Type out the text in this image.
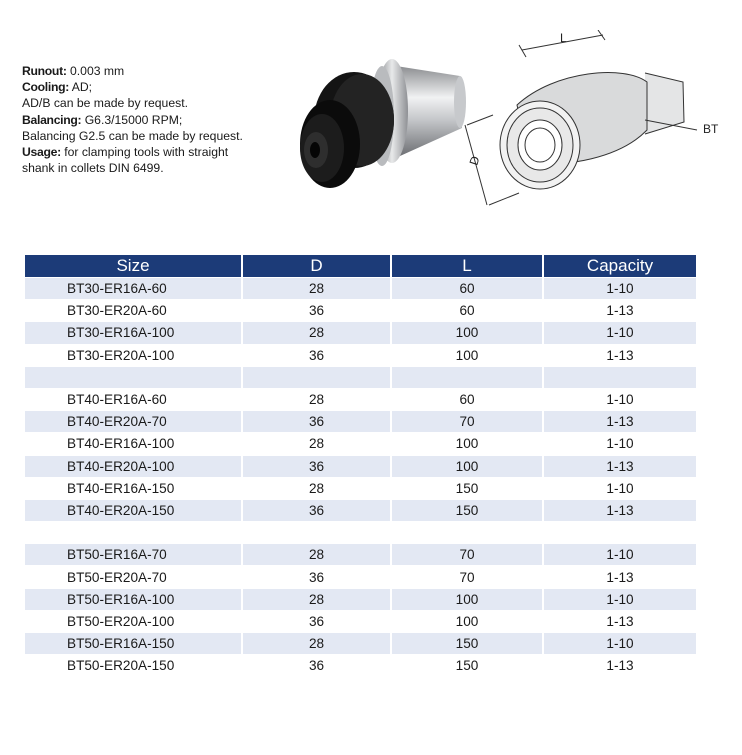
Runout: 0.003 mm
Cooling: AD;
AD/B can be made by request.
Balancing: G6.3/15000 RPM;
Balancing G2.5 can be made by request.
Usage: for clamping tools with straight
shank in collets DIN 6499.
L
D
BT
Size	D	L	Capacity
BT30-ER16A-60	28	60	1-10
BT30-ER20A-60	36	60	1-13
BT30-ER16A-100	28	100	1-10
BT30-ER20A-100	36	100	1-13

BT40-ER16A-60	28	60	1-10
BT40-ER20A-70	36	70	1-13
BT40-ER16A-100	28	100	1-10
BT40-ER20A-100	36	100	1-13
BT40-ER16A-150	28	150	1-10
BT40-ER20A-150	36	150	1-13

BT50-ER16A-70	28	70	1-10
BT50-ER20A-70	36	70	1-13
BT50-ER16A-100	28	100	1-10
BT50-ER20A-100	36	100	1-13
BT50-ER16A-150	28	150	1-10
BT50-ER20A-150	36	150	1-13
